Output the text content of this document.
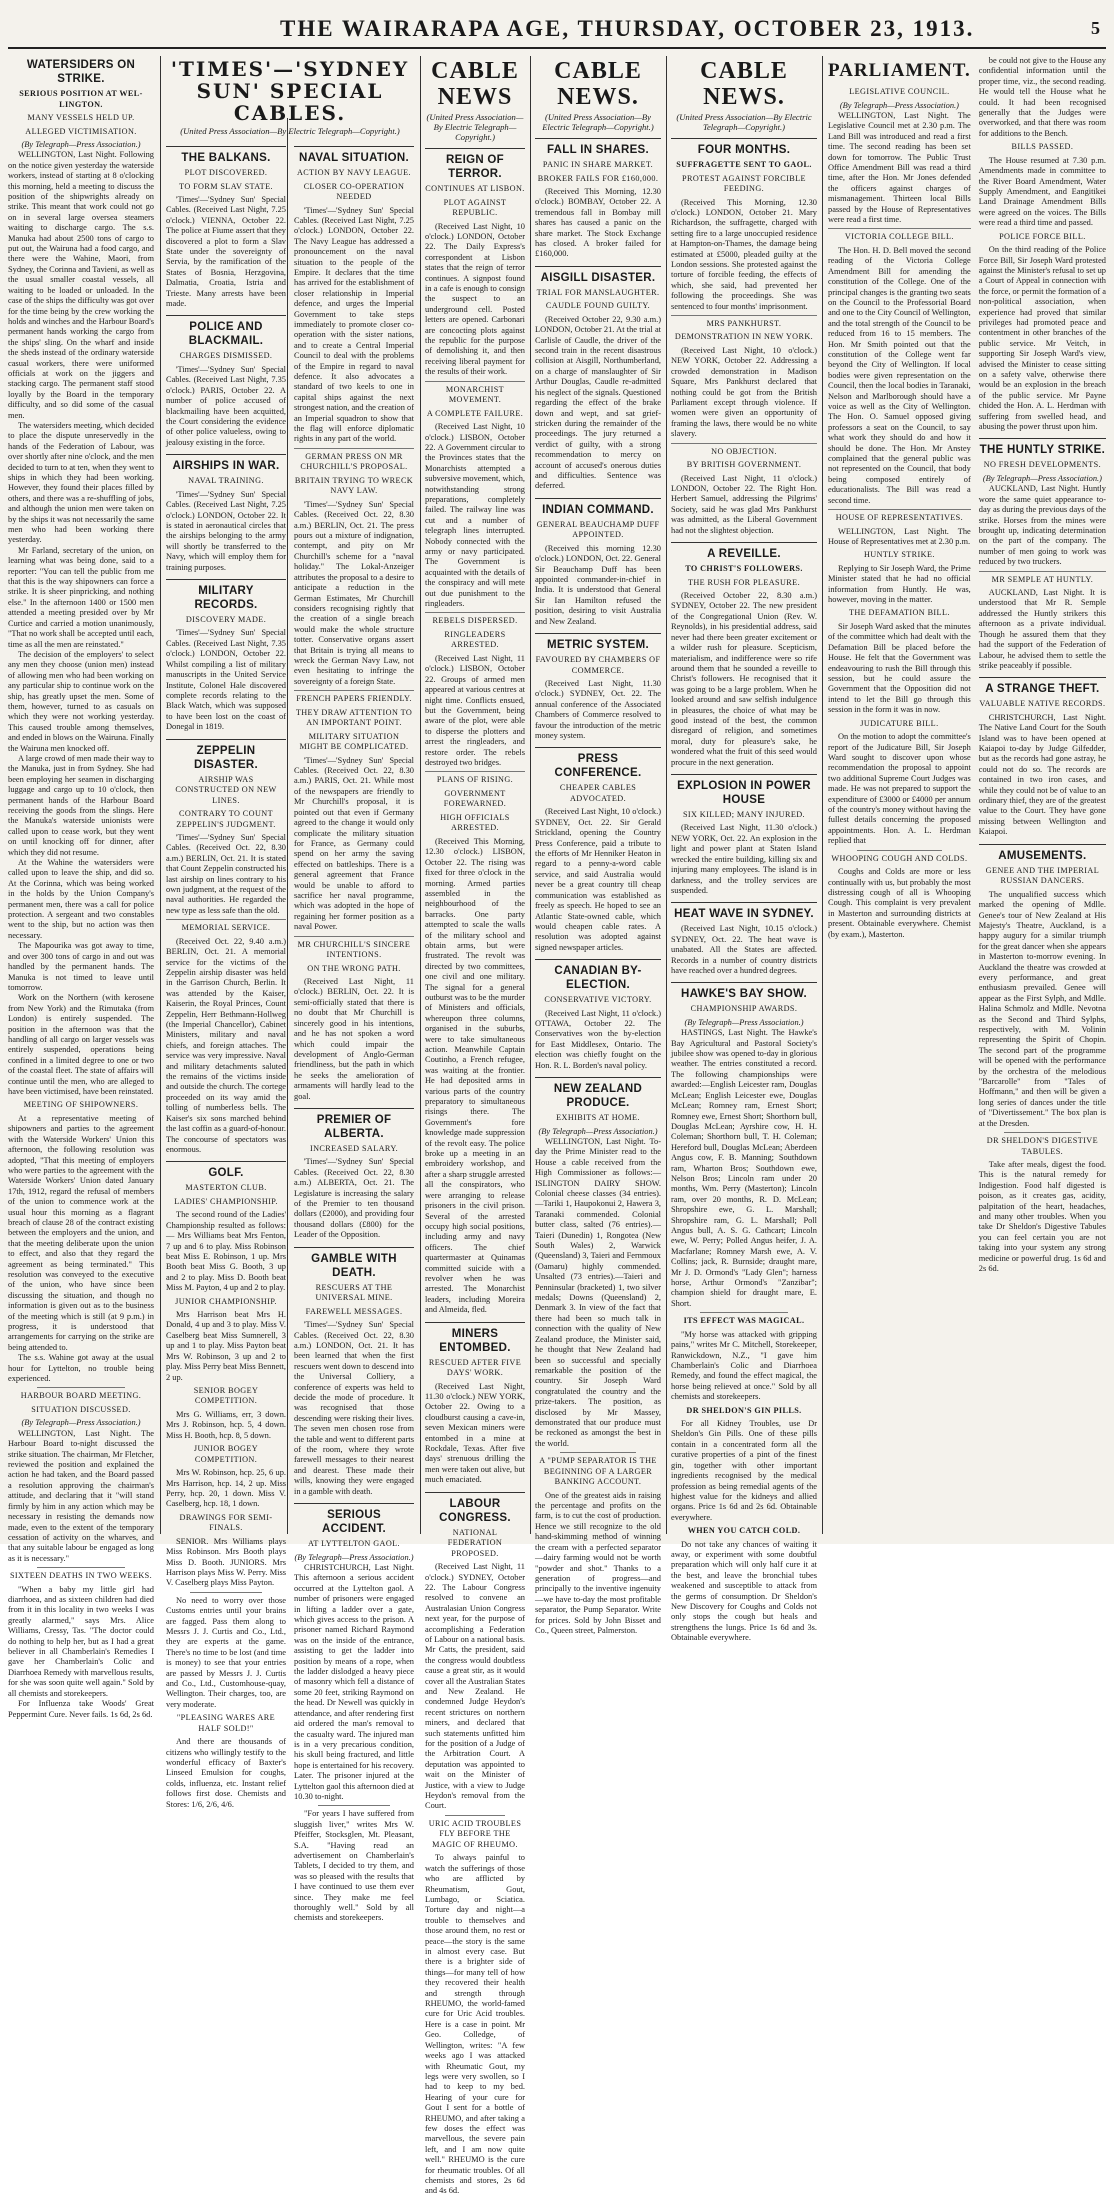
THE WAIRARAPA AGE, THURSDAY, OCTOBER 23, 1913.	5
WATERSIDERS ON STRIKE.
SERIOUS POSITION AT WEL-LINGTON.
MANY VESSELS HELD UP.
ALLEGED VICTIMISATION.
(By Telegraph—Press Association.)

WELLINGTON, Last Night. Following on the notice given yesterday the waterside workers, instead of starting at 8 o'clocking this morning, held a meeting to discuss the position of the shipwrights already on strike. This meant that work could not go on in several large oversea steamers waiting to discharge cargo. The s.s. Manuka had about 2500 tons of cargo to put out, the Wairuna had a food cargo, and there were the Wahine, Maori, from Sydney, the Corinna and Tavieni, as well as the usual smaller coastal vessels, all waiting to be loaded or unloaded. In the case of the ships the difficulty was got over for the time being by the crew working the holds and winches and the Harbour Board's permanent hands working the cargo from the ships' sling. On the wharf and inside the sheds instead of the ordinary waterside casual workers, there were uniformed officials at work on the jiggers and stacking cargo. The permanent staff stood loyally by the Board in the temporary difficulty, and so did some of the casual men.

The watersiders meeting, which decided to place the dispute unreservedly in the hands of the Federation of Labour, was over shortly after nine o'clock, and the men decided to turn to at ten, when they went to ships in which they had been working. However, they found their places filled by others, and there was a re-shuffling of jobs, and although the union men were taken on by the ships it was not necessarily the same men who had been working there yesterday.

Mr Farland, secretary of the union, on learning what was being done, said to a reporter: "You can tell the public from me that this is the way shipowners can force a strike. It is sheer pinpricking, and nothing else." In the afternoon 1400 or 1500 men attended a meeting presided over by Mr Curtice and carried a motion unanimously, "That no work shall be accepted until each, time as all the men are reinstated."

The decision of the employers' to select any men they choose (union men) instead of allowing men who had been working on any particular ship to continue work on the ship, has greatly upset the men. Some of them, however, turned to as casuals on which they were not working yesterday. This caused trouble among themselves, and ended in blows on the Wairuna. Finally the Wairuna men knocked off.

A large crowd of men made their way to the Manuka, just in from Sydney. She had been employing her seamen in discharging luggage and cargo up to 10 o'clock, then permanent hands of the Harbour Board receiving the goods from the slings. Here the Manuka's waterside unionists were called upon to cease work, but they went on until knocking off for dinner, after which they did not resume.

At the Wahine the watersiders were called upon to leave the ship, and did so. At the Corinna, which was being worked in the holds by the Union Company's permanent men, there was a call for police protection. A sergeant and two constables went to the ship, but no action was then necessary.

The Mapourika was got away to time, and over 300 tons of cargo in and out was handled by the permanent hands. The Manuka is not timed to leave until tomorrow.

Work on the Northern (with kerosene from New York) and the Rimutaka (from London) is entirely suspended. The position in the afternoon was that the handling of all cargo on larger vessels was entirely suspended, operations being confined in a limited degree to one or two of the coastal fleet. The state of affairs will continue until the men, who are alleged to have been victimised, have been reinstated.

MEETING OF SHIPOWNERS.

At a representative meeting of shipowners and parties to the agreement with the Waterside Workers' Union this afternoon, the following resolution was adopted, "That this meeting of employers who were parties to the agreement with the Waterside Workers' Union dated January 17th, 1912, regard the refusal of members of the union to commence work at the usual hour this morning as a flagrant breach of clause 28 of the contract existing between the employers and the union, and that the meeting deliberate upon the union to effect, and also that they regard the agreement as being terminated." This resolution was conveyed to the executive of the union, who have since been discussing the situation, and though no information is given out as to the business of the meeting which is still (at 9 p.m.) in progress, it is understood that arrangements for carrying on the strike are being attended to.

The s.s. Wahine got away at the usual hour for Lyttelton, no trouble being experienced.

HARBOUR BOARD MEETING.
SITUATION DISCUSSED.
(By Telegraph—Press Association.)

WELLINGTON, Last Night. The Harbour Board to-night discussed the strike situation. The chairman, Mr Fletcher, reviewed the position and explained the action he had taken, and the Board passed a resolution approving the chairman's attitude, and declaring that it "will stand firmly by him in any action which may be necessary in resisting the demands now made, even to the extent of the temporary cessation of activity on the wharves, and that any suitable labour be engaged as long as it is necessary."

SIXTEEN DEATHS IN TWO WEEKS.

"When a baby my little girl had diarrhoea, and as sixteen children had died from it in this locality in two weeks I was greatly alarmed," says Mrs. Alice Williams, Cressy, Tas. "The doctor could do nothing to help her, but as I had a great believer in all Chamberlain's Remedies I gave her Chamberlain's Colic and Diarrhoea Remedy with marvellous results, for she was soon quite well again." Sold by all chemists and storekeepers.

For Influenza take Woods' Great Peppermint Cure. Never fails. 1s 6d, 2s 6d.

'TIMES'—'SYDNEY SUN' SPECIAL CABLES.
(United Press Association—By Electric Telegraph—Copyright.)
THE BALKANS.
PLOT DISCOVERED.
TO FORM SLAV STATE.

'Times'—'Sydney Sun' Special Cables. (Received Last Night, 7.25 o'clock.) VIENNA, October 22. The police at Fiume assert that they discovered a plot to form a Slav State under the sovereignty of Servia, by the ramification of the States of Bosnia, Herzgovina, Dalmatia, Croatia, Istria and Trieste. Many arrests have been made.

POLICE AND BLACKMAIL.
CHARGES DISMISSED.

'Times'—'Sydney Sun' Special Cables. (Received Last Night, 7.35 o'clock.) PARIS, October 22. A number of police accused of blackmailing have been acquitted, the Court considering the evidence of other police valueless, owing to jealousy existing in the force.

AIRSHIPS IN WAR.
NAVAL TRAINING.

'Times'—'Sydney Sun' Special Cables. (Received Last Night, 7.25 o'clock.) LONDON, October 22. It is stated in aeronautical circles that the airships belonging to the army will shortly be transferred to the Navy, which will employ them for training purposes.

MILITARY RECORDS.
DISCOVERY MADE.

'Times'—'Sydney Sun' Special Cables. (Received Last Night, 7.35 o'clock.) LONDON, October 22. Whilst compiling a list of military manuscripts in the United Service Institute, Colonel Hale discovered complete records relating to the Black Watch, which was supposed to have been lost on the coast of Donegal in 1819.

ZEPPELIN DISASTER.
AIRSHIP WAS CONSTRUCTED ON NEW LINES.
CONTRARY TO COUNT ZEPPELIN'S JUDGMENT.

'Times'—'Sydney Sun' Special Cables. (Received Oct. 22, 8.30 a.m.) BERLIN, Oct. 21. It is stated that Count Zeppelin constructed his last airship on lines contrary to his own judgment, at the request of the naval authorities. He regarded the new type as less safe than the old.

MEMORIAL SERVICE.

(Received Oct. 22, 9.40 a.m.) BERLIN, Oct. 21. A memorial service for the victims of the Zeppelin airship disaster was held in the Garrison Church, Berlin. It was attended by the Kaiser, Kaiserin, the Royal Princes, Count Zeppelin, Herr Bethmann-Hollweg (the Imperial Chancellor), Cabinet Ministers, military and naval chiefs, and foreign attaches. The service was very impressive. Naval and military detachments saluted the remains of the victims inside and outside the church. The cortege proceeded on its way amid the tolling of numberless bells. The Kaiser's six sons marched behind the last coffin as a guard-of-honour. The concourse of spectators was enormous.

GOLF.
MASTERTON CLUB.
LADIES' CHAMPIONSHIP.

The second round of the Ladies' Championship resulted as follows:— Mrs Williams beat Mrs Fenton, 7 up and 6 to play. Miss Robinson beat Miss E. Robinson, 1 up. Mrs Booth beat Miss G. Booth, 3 up and 2 to play. Miss D. Booth beat Miss M. Payton, 4 up and 2 to play.

JUNIOR CHAMPIONSHIP.

Mrs Harrison beat Mrs H. Donald, 4 up and 3 to play. Miss V. Caselberg beat Miss Sumnerell, 3 up and 1 to play. Miss Payton beat Mrs W. Robinson, 3 up and 2 to play. Miss Perry beat Miss Bennett, 2 up.

SENIOR BOGEY COMPETITION.

Mrs G. Williams, err, 3 down. Mrs J. Robinson, hcp. 5, 4 down. Miss H. Booth, hcp. 8, 5 down.

JUNIOR BOGEY COMPETITION.

Mrs W. Robinson, hcp. 25, 6 up. Mrs Harrison, hcp. 14, 2 up. Miss Perry, hcp. 20, 1 down. Miss V. Caselberg, hcp. 18, 1 down.

DRAWINGS FOR SEMI-FINALS.

SENIOR. Mrs Williams plays Miss Robinson. Mrs Booth plays Miss D. Booth. JUNIORS. Mrs Harrison plays Miss W. Perry. Miss V. Caselberg plays Miss Payton.

No need to worry over those Customs entries until your brains are fagged. Pass them along to Messrs J. J. Curtis and Co., Ltd., they are experts at the game. There's no time to be lost (and time is money) to see that your entries are passed by Messrs J. J. Curtis and Co., Ltd., Customhouse-quay, Wellington. Their charges, too, are very moderate.

"PLEASING WARES ARE HALF SOLD!"

And there are thousands of citizens who willingly testify to the wonderful efficacy of Baxter's Linseed Emulsion for coughs, colds, influenza, etc. Instant relief follows first dose. Chemists and Stores: 1/6, 2/6, 4/6.

NAVAL SITUATION.
ACTION BY NAVY LEAGUE.
CLOSER CO-OPERATION NEEDED

'Times'—'Sydney Sun' Special Cables. (Received Last Night, 7.25 o'clock.) LONDON, October 22. The Navy League has addressed a pronouncement on the naval situation to the people of the Empire. It declares that the time has arrived for the establishment of closer relationship in Imperial defence, and urges the Imperial Government to take steps immediately to promote closer co-operation with the sister nations, and to create a Central Imperial Council to deal with the problems of the Empire in regard to naval defence. It also advocates a standard of two keels to one in capital ships against the next strongest nation, and the creation of an Imperial squadron to show that the flag will enforce diplomatic rights in any part of the world.

GERMAN PRESS ON MR CHURCHILL'S PROPOSAL.
BRITAIN TRYING TO WRECK NAVY LAW.

'Times'—'Sydney Sun' Special Cables. (Received Oct. 22, 8.30 a.m.) BERLIN, Oct. 21. The press pours out a mixture of indignation, contempt, and pity on Mr Churchill's scheme for a "naval holiday." The Lokal-Anzeiger attributes the proposal to a desire to anticipate a reduction in the German Estimates, Mr Churchill considers recognising rightly that the creation of a single breach would make the whole structure totter. Conservative organs assert that Britain is trying all means to wreck the German Navy Law, not even hesitating to infringe the sovereignty of a foreign State.

FRENCH PAPERS FRIENDLY.
THEY DRAW ATTENTION TO AN IMPORTANT POINT.
MILITARY SITUATION MIGHT BE COMPLICATED.

'Times'—'Sydney Sun' Special Cables. (Received Oct. 22, 8.30 a.m.) PARIS, Oct. 21. While most of the newspapers are friendly to Mr Churchill's proposal, it is pointed out that even if Germany agreed to the change it would only complicate the military situation for France, as Germany could spend on her army the saving effected on battleships. There is a general agreement that France would be unable to afford to sacrifice her naval programme, which was adopted in the hope of regaining her former position as a naval Power.

MR CHURCHILL'S SINCERE INTENTIONS.
ON THE WRONG PATH.

(Received Last Night, 11 o'clock.) BERLIN, Oct. 22. It is semi-officially stated that there is no doubt that Mr Churchill is sincerely good in his intentions, and he has not spoken a word which could impair the development of Anglo-German friendliness, but the path in which he seeks the amelioration of armaments will hardly lead to the goal.

PREMIER OF ALBERTA.
INCREASED SALARY.

'Times'—'Sydney Sun' Special Cables. (Received Oct. 22, 8.30 a.m.) ALBERTA, Oct. 21. The Legislature is increasing the salary of the Premier to ten thousand dollars (£2000), and providing four thousand dollars (£800) for the Leader of the Opposition.

GAMBLE WITH DEATH.
RESCUERS AT THE UNIVERSAL MINE.
FAREWELL MESSAGES.

'Times'—'Sydney Sun' Special Cables. (Received Oct. 22, 8.30 a.m.) LONDON, Oct. 21. It has been learned that when the first rescuers went down to descend into the Universal Colliery, a conference of experts was held to decide the mode of procedure. It was recognised that those descending were risking their lives. The seven men chosen rose from the table and went to different parts of the room, where they wrote farewell messages to their nearest and dearest. These made their wills, knowing they were engaged in a gamble with death.

SERIOUS ACCIDENT.
AT LYTTELTON GAOL.
(By Telegraph—Press Association.)

CHRISTCHURCH, Last Night. This afternoon a serious accident occurred at the Lyttelton gaol. A number of prisoners were engaged in lifting a ladder over a gate, which gives access to the prison. A prisoner named Richard Raymond was on the inside of the entrance, assisting to get the ladder into position by means of a rope, when the ladder dislodged a heavy piece of masonry which fell a distance of some 20 feet, striking Raymond on the head. Dr Newell was quickly in attendance, and after rendering first aid ordered the man's removal to the casualty ward. The injured man is in a very precarious condition, his skull being fractured, and little hope is entertained for his recovery. Later. The prisoner injured at the Lyttelton gaol this afternoon died at 10.30 to-night.

"For years I have suffered from sluggish liver," writes Mrs W. Pfeiffer, Stocksglen, Mt. Pleasant, S.A. "Having read an advertisement on Chamberlain's Tablets, I decided to try them, and was so pleased with the results that I have continued to use them ever since. They make me feel thoroughly well." Sold by all chemists and storekeepers.

CABLE NEWS
(United Press Association—By Electric Telegraph—Copyright.)
REIGN OF TERROR.
CONTINUES AT LISBON.
PLOT AGAINST REPUBLIC.

(Received Last Night, 10 o'clock.) LONDON, October 22. The Daily Express's correspondent at Lisbon states that the reign of terror continues. A signpost found in a cafe is enough to consign the suspect to an underground cell. Posted letters are opened. Carbonari are concocting plots against the republic for the purpose of demolishing it, and then receiving liberal payment for the results of their work.

MONARCHIST MOVEMENT.
A COMPLETE FAILURE.

(Received Last Night, 10 o'clock.) LISBON, October 22. A Government circular to the Provinces states that the Monarchists attempted a subversive movement, which, notwithstanding strong preparations, completely failed. The railway line was cut and a number of telegraph lines interrupted. Nobody connected with the army or navy participated. The Government is acquainted with the details of the conspiracy and will mete out due punishment to the ringleaders.

REBELS DISPERSED.
RINGLEADERS ARRESTED.

(Received Last Night, 11 o'clock.) LISBON, October 22. Groups of armed men appeared at various centres at night time. Conflicts ensued, but the Government, being aware of the plot, were able to disperse the plotters and arrest the ringleaders, and restore order. The rebels destroyed two bridges.

PLANS OF RISING.
GOVERNMENT FOREWARNED.
HIGH OFFICIALS ARRESTED.

(Received This Morning, 12.30 o'clock.) LISBON, October 22. The rising was fixed for three o'clock in the morning. Armed parties assembled in the neighbourhood of the barracks. One party attempted to scale the walls of the military school and obtain arms, but were frustrated. The revolt was directed by two committees, one civil and one military. The signal for a general outburst was to be the murder of Ministers and officials, whereupon three columns, organised in the suburbs, were to take simultaneous action. Meanwhile Captain Coutinho, a French refugee, was waiting at the frontier. He had deposited arms in various parts of the country preparatory to simultaneous risings there. The Government's fore knowledge made suppression of the revolt easy. The police broke up a meeting in an embroidery workshop, and after a sharp struggle arrested all the conspirators, who were arranging to release prisoners in the civil prison. Several of the arrested occupy high social positions, including army and navy officers. The chief quartermaster at Quinamas committed suicide with a revolver when he was arrested. The Monarchist leaders, including Moreira and Almeida, fled.

MINERS ENTOMBED.
RESCUED AFTER FIVE DAYS' WORK.

(Received Last Night, 11.30 o'clock.) NEW YORK, October 22. Owing to a cloudburst causing a cave-in, seven Mexican miners were entombed in a mine at Rockdale, Texas. After five days' strenuous drilling the men were taken out alive, but much emaciated.

LABOUR CONGRESS.
NATIONAL FEDERATION PROPOSED.

(Received Last Night, 11 o'clock.) SYDNEY, October 22. The Labour Congress resolved to convene an Australasian Union Congress next year, for the purpose of accomplishing a Federation of Labour on a national basis. Mr Catts, the president, said the congress would doubtless cause a great stir, as it would cover all the Australian States and New Zealand. He condemned Judge Heydon's recent strictures on northern miners, and declared that such statements unfitted him for the position of a Judge of the Arbitration Court. A deputation was appointed to wait on the Minister of Justice, with a view to Judge Heydon's removal from the Court.

URIC ACID TROUBLES FLY BEFORE THE MAGIC OF RHEUMO.

To always painful to watch the sufferings of those who are afflicted by Rheumatism, Gout, Lumbago, or Sciatica. Torture day and night—a trouble to themselves and those around them, no rest or peace—the story is the same in almost every case. But there is a brighter side of things—for many tell of how they recovered their health and strength through RHEUMO, the world-famed cure for Uric Acid troubles. Here is a case in point. Mr Geo. Colledge, of Wellington, writes: "A few weeks ago I was attacked with Rheumatic Gout, my legs were very swollen, so I had to keep to my bed. Hearing of your cure for Gout I sent for a bottle of RHEUMO, and after taking a few doses the effect was marvellous, the severe pain left, and I am now quite well." RHEUMO is the cure for rheumatic troubles. Of all chemists and stores, 2s 6d and 4s 6d.

CABLE NEWS.
(United Press Association—By Electric Telegraph—Copyright.)
FALL IN SHARES.
PANIC IN SHARE MARKET.
BROKER FAILS FOR £160,000.

(Received This Morning, 12.30 o'clock.) BOMBAY, October 22. A tremendous fall in Bombay mill shares has caused a panic on the share market. The Stock Exchange has closed. A broker failed for £160,000.

AISGILL DISASTER.
TRIAL FOR MANSLAUGHTER.
CAUDLE FOUND GUILTY.

(Received October 22, 9.30 a.m.) LONDON, October 21. At the trial at Carlisle of Caudle, the driver of the second train in the recent disastrous collision at Aisgill, Northumberland, on a charge of manslaughter of Sir Arthur Douglas, Caudle re-admitted his neglect of the signals. Questioned regarding the effect of the brake down and wept, and sat grief-stricken during the remainder of the proceedings. The jury returned a verdict of guilty, with a strong recommendation to mercy on account of accused's onerous duties and difficulties. Sentence was deferred.

INDIAN COMMAND.
GENERAL BEAUCHAMP DUFF APPOINTED.

(Received this morning 12.30 o'clock.) LONDON, Oct. 22. General Sir Beauchamp Duff has been appointed commander-in-chief in India. It is understood that General Sir Ian Hamilton refused the position, desiring to visit Australia and New Zealand.

METRIC SYSTEM.
FAVOURED BY CHAMBERS OF COMMERCE.

(Received Last Night, 11.30 o'clock.) SYDNEY, Oct. 22. The annual conference of the Associated Chambers of Commerce resolved to favour the introduction of the metric money system.

PRESS CONFERENCE.
CHEAPER CABLES ADVOCATED.

(Received Last Night, 10 o'clock.) SYDNEY, Oct. 22. Sir Gerald Strickland, opening the Country Press Conference, paid a tribute to the efforts of Mr Henniker Heaton in regard to a penny-a-word cable service, and said Australia would never be a great country till cheap communication was established as freely as speech. He hoped to see an Atlantic State-owned cable, which would cheapen cable rates. A resolution was adopted against signed newspaper articles.

CANADIAN BY-ELECTION.
CONSERVATIVE VICTORY.

(Received Last Night, 11 o'clock.) OTTAWA, October 22. The Conservatives won the by-election for East Middlesex, Ontario. The election was chiefly fought on the Hon. R. L. Borden's naval policy.

NEW ZEALAND PRODUCE.
EXHIBITS AT HOME.
(By Telegraph—Press Association.)

WELLINGTON, Last Night. To-day the Prime Minister read to the House a cable received from the High Commissioner as follows:—ISLINGTON DAIRY SHOW. Colonial cheese classes (34 entries).—Tariki 1, Haupokonui 2, Hawera 3, Taranaki commended. Colonial butter class, salted (76 entries).—Taieri (Dunedin) 1, Rongotea (New South Wales) 2, Warwick (Queensland) 3, Taieri and Fernmoux (Oamaru) highly commended. Unsalted (73 entries).—Taieri and Penninsular (bracketed) 1, two silver medals; Downs (Queensland) 2, Denmark 3. In view of the fact that there had been so much talk in connection with the quality of New Zealand produce, the Minister said, he thought that New Zealand had been so successful and specially remarkable the position of the country. Sir Joseph Ward congratulated the country and the prize-takers. The position, as disclosed by Mr Massey, demonstrated that our produce must be reckoned as amongst the best in the world.

A "PUMP SEPARATOR IS THE BEGINNING OF A LARGER BANKING ACCOUNT.

One of the greatest aids in raising the percentage and profits on the farm, is to cut the cost of production. Hence we still recognize to the old hand-skimming method of winning the cream with a perfected separator—dairy farming would not be worth "powder and shot." Thanks to a generation of progress—and principally to the inventive ingenuity—we have to-day the most profitable separator, the Pump Separator. Write for prices. Sold by John Bisset and Co., Queen street, Palmerston.

CABLE NEWS.
(United Press Association—By Electric Telegraph—Copyright.)
FOUR MONTHS.
SUFFRAGETTE SENT TO GAOL.
PROTEST AGAINST FORCIBLE FEEDING.

(Received This Morning, 12.30 o'clock.) LONDON, October 21. Mary Richardson, the suffragette, charged with setting fire to a large unoccupied residence at Hampton-on-Thames, the damage being estimated at £5000, pleaded guilty at the London sessions. She protested against the torture of forcible feeding, the effects of which, she said, had prevented her following the proceedings. She was sentenced to four months' imprisonment.

MRS PANKHURST.
DEMONSTRATION IN NEW YORK.

(Received Last Night, 10 o'clock.) NEW YORK, October 22. Addressing a crowded demonstration in Madison Square, Mrs Pankhurst declared that nothing could be got from the British Parliament except through violence. If women were given an opportunity of framing the laws, there would be no white slavery.

NO OBJECTION.
BY BRITISH GOVERNMENT.

(Received Last Night, 11 o'clock.) LONDON, October 22. The Right Hon. Herbert Samuel, addressing the Pilgrims' Society, said he was glad Mrs Pankhurst was admitted, as the Liberal Government had not the slightest objection.

A REVEILLE.
TO CHRIST'S FOLLOWERS.
THE RUSH FOR PLEASURE.

(Received October 22, 8.30 a.m.) SYDNEY, October 22. The new president of the Congregational Union (Rev. W. Reynolds), in his presidential address, said never had there been greater excitement or a wilder rush for pleasure. Scepticism, materialism, and indifference were so rife around them that he sounded a reveille to Christ's followers. He recognised that it was going to be a large problem. When he looked around and saw selfish indulgence in pleasures, the choice of what may be good instead of the best, the common disregard of religion, and sometimes moral, duty for pleasure's sake, he wondered what the fruit of this seed would procure in the next generation.

EXPLOSION IN POWER HOUSE
SIX KILLED; MANY INJURED.

(Received Last Night, 11.30 o'clock.) NEW YORK, Oct. 22. An explosion in the light and power plant at Staten Island wrecked the entire building, killing six and injuring many employees. The island is in darkness, and the trolley services are suspended.

HEAT WAVE IN SYDNEY.

(Received Last Night, 10.15 o'clock.) SYDNEY, Oct. 22. The heat wave is unabated. All the States are affected. Records in a number of country districts have reached over a hundred degrees.

HAWKE'S BAY SHOW.
CHAMPIONSHIP AWARDS.
(By Telegraph—Press Association.)

HASTINGS, Last Night. The Hawke's Bay Agricultural and Pastoral Society's jubilee show was opened to-day in glorious weather. The entries constituted a record. The following championships were awarded:—English Leicester ram, Douglas McLean; English Leicester ewe, Douglas McLean; Romney ram, Ernest Short; Romney ewe, Ernest Short; Shorthorn bull, Douglas McLean; Ayrshire cow, H. H. Coleman; Shorthorn bull, T. H. Coleman; Hereford bull, Douglas McLean; Aberdeen Angus cow, F. B. Manning; Southdown ram, Wharton Bros; Southdown ewe, Nelson Bros; Lincoln ram under 20 months, Wm. Perry (Masterton); Lincoln ram, over 20 months, R. D. McLean; Shropshire ewe, G. L. Marshall; Shropshire ram, G. L. Marshall; Poll Angus bull, A. S. G. Cathcart; Lincoln ewe, W. Perry; Polled Angus heifer, J. A. Macfarlane; Romney Marsh ewe, A. V. Collins; jack, R. Burnside; draught mare, Mr J. D. Ormond's "Lady Glen"; harness horse, Arthur Ormond's "Zanzibar"; champion shield for draught mare, E. Short.

ITS EFFECT WAS MAGICAL.

"My horse was attacked with gripping pains," writes Mr C. Mitchell, Storekeeper, Ranwickdown, N.Z., "I gave him Chamberlain's Colic and Diarrhoea Remedy, and found the effect magical, the horse being relieved at once." Sold by all chemists and storekeepers.

DR SHELDON'S GIN PILLS.

For all Kidney Troubles, use Dr Sheldon's Gin Pills. One of these pills contain in a concentrated form all the curative properties of a pint of the finest gin, together with other important ingredients recognised by the medical profession as being remedial agents of the highest value for the kidneys and allied organs. Price 1s 6d and 2s 6d. Obtainable everywhere.

WHEN YOU CATCH COLD.

Do not take any chances of waiting it away, or experiment with some doubtful preparation which will only half cure it at the best, and leave the bronchial tubes weakened and susceptible to attack from the germs of consumption. Dr Sheldon's New Discovery for Coughs and Colds not only stops the cough but heals and strengthens the lungs. Price 1s 6d and 3s. Obtainable everywhere.

PARLIAMENT.
LEGISLATIVE COUNCIL.
(By Telegraph—Press Association.)

WELLINGTON, Last Night. The Legislative Council met at 2.30 p.m. The Land Bill was introduced and read a first time. The second reading has been set down for tomorrow. The Public Trust Office Amendment Bill was read a third time, after the Hon. Mr Jones defended the officers against charges of mismanagement. Thirteen local Bills passed by the House of Representatives were read a first time.

VICTORIA COLLEGE BILL.

The Hon. H. D. Bell moved the second reading of the Victoria College Amendment Bill for amending the constitution of the College. One of the principal changes is the granting two seats on the Council to the Professorial Board and one to the City Council of Wellington, and the total strength of the Council to be reduced from 16 to 15 members. The Hon. Mr Smith pointed out that the constitution of the College went far beyond the City of Wellington. If local bodies were given representation on the Council, then the local bodies in Taranaki, Nelson and Marlborough should have a voice as well as the City of Wellington. The Hon. O. Samuel opposed giving professors a seat on the Council, to say what work they should do and how it should be done. The Hon. Mr Anstey complained that the general public was not represented on the Council, that body being composed entirely of educationalists. The Bill was read a second time.

HOUSE OF REPRESENTATIVES.

WELLINGTON, Last Night. The House of Representatives met at 2.30 p.m.

HUNTLY STRIKE.

Replying to Sir Joseph Ward, the Prime Minister stated that he had no official information from Huntly. He was, however, moving in the matter.

THE DEFAMATION BILL.

Sir Joseph Ward asked that the minutes of the committee which had dealt with the Defamation Bill be placed before the House. He felt that the Government was endeavouring to rush the Bill through this session, but he could assure the Government that the Opposition did not intend to let the Bill go through this session in the form it was in now.

JUDICATURE BILL.

On the motion to adopt the committee's report of the Judicature Bill, Sir Joseph Ward sought to discover upon whose recommendation the proposal to appoint two additional Supreme Court Judges was made. He was not prepared to support the expenditure of £3000 or £4000 per annum of the country's money without having the fullest details concerning the proposed appointments. Hon. A. L. Herdman replied that

WHOOPING COUGH AND COLDS.

Coughs and Colds are more or less continually with us, but probably the most distressing cough of all is Whooping Cough. This complaint is very prevalent in Masterton and surrounding districts at present. Obtainable everywhere. Chemist (by exam.), Masterton.

be could not give to the House any confidential information until the proper time, viz., the second reading. He would tell the House what he could. It had been recognised generally that the Judges were overworked, and that there was room for additions to the Bench.

BILLS PASSED.

The House resumed at 7.30 p.m. Amendments made in committee to the River Board Amendment, Water Supply Amendment, and Eangitikei Land Drainage Amendment Bills were agreed on the voices. The Bills were read a third time and passed.

POLICE FORCE BILL.

On the third reading of the Police Force Bill, Sir Joseph Ward protested against the Minister's refusal to set up a Court of Appeal in connection with the force, or permit the formation of a non-political association, when experience had proved that similar privileges had promoted peace and contentment in other branches of the public service. Mr Veitch, in supporting Sir Joseph Ward's view, advised the Minister to cease sitting on a safety valve, otherwise there would be an explosion in the breach of the public service. Mr Payne chided the Hon. A. L. Herdman with suffering from swelled head, and abusing the power thrust upon him.

THE HUNTLY STRIKE.
NO FRESH DEVELOPMENTS.
(By Telegraph—Press Association.)

AUCKLAND, Last Night. Huntly wore the same quiet appearance to-day as during the previous days of the strike. Horses from the mines were brought up, indicating determination on the part of the company. The number of men going to work was reduced by two truckers.

MR SEMPLE AT HUNTLY.

AUCKLAND, Last Night. It is understood that Mr R. Semple addressed the Huntly strikers this afternoon as a private individual. Though he assured them that they had the support of the Federation of Labour, he advised them to settle the strike peaceably if possible.

A STRANGE THEFT.
VALUABLE NATIVE RECORDS.

CHRISTCHURCH, Last Night. The Native Land Court for the South Island was to have been opened at Kaiapoi to-day by Judge Gilfedder, but as the records had gone astray, he could not do so. The records are contained in two iron cases, and while they could not be of value to an ordinary thief, they are of the greatest value to the Court. They have gone missing between Wellington and Kaiapoi.

AMUSEMENTS.
GENEE AND THE IMPERIAL RUSSIAN DANCERS.

The unqualified success which marked the opening of Mdlle. Genee's tour of New Zealand at His Majesty's Theatre, Auckland, is a happy augury for a similar triumph for the great dancer when she appears in Masterton to-morrow evening. In Auckland the theatre was crowded at every performance, and great enthusiasm prevailed. Genee will appear as the First Sylph, and Mdlle. Halina Schmolz and Mdlle. Nevotna as the Second and Third Sylphs, respectively, with M. Volinin representing the Spirit of Chopin. The second part of the programme will be opened with the performance by the orchestra of the melodious "Barcarolle" from "Tales of Hoffmann," and then will be given a long series of dances under the title of "Divertissement." The box plan is at the Dresden.

DR SHELDON'S DIGESTIVE TABULES.

Take after meals, digest the food. This is the natural remedy for Indigestion. Food half digested is poison, as it creates gas, acidity, palpitation of the heart, headaches, and many other troubles. When you take Dr Sheldon's Digestive Tabules you can feel certain you are not taking into your system any strong medicine or powerful drug. 1s 6d and 2s 6d.
